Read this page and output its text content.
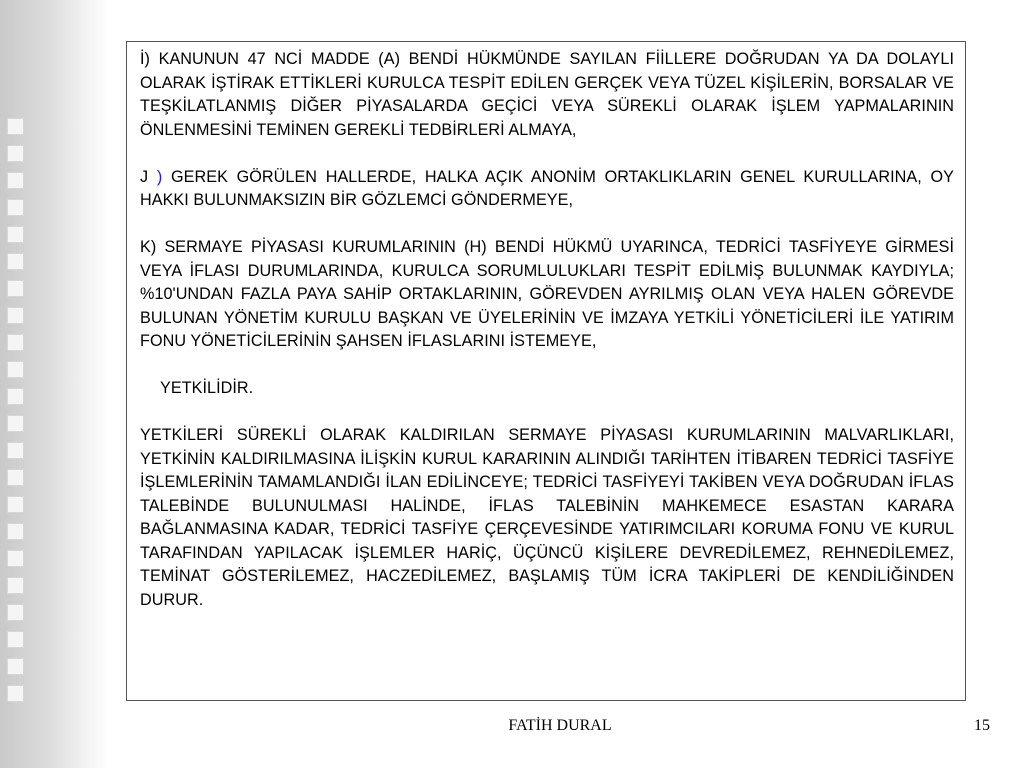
İ) KANUNUN 47 NCİ MADDE (A) BENDİ HÜKMÜNDE SAYILAN FİİLLERE DOĞRUDAN YA DA DOLAYLI OLARAK İŞTİRAK ETTİKLERİ KURULCA TESPİT EDİLEN GERÇEK VEYA TÜZEL KİŞİLERİN, BORSALAR VE TEŞKİLATLANMIŞ DİĞER PİYASALARDA GEÇİCİ VEYA SÜREKLİ OLARAK İŞLEM YAPMALARININ ÖNLENMESİNİ TEMİNEN GEREKLİ TEDBİRLERİ ALMAYA,

J ) GEREK GÖRÜLEN HALLERDE, HALKA AÇIK ANONİM ORTAKLIKLARIN GENEL KURULLARINA, OY HAKKI BULUNMAKSIZIN BİR GÖZLEMCİ GÖNDERMEYE,

K) SERMAYE PİYASASI KURUMLARININ (H) BENDİ HÜKMÜ UYARINCA, TEDRİCİ TASFİYEYE GİRMESİ VEYA İFLASI DURUMLARINDA, KURULCA SORUMLULUKLARI TESPİT EDİLMİŞ BULUNMAK KAYDIYLA; %10'UNDAN FAZLA PAYA SAHİP ORTAKLARININ, GÖREVDEN AYRILMIŞ OLAN VEYA HALEN GÖREVDE BULUNAN YÖNETİM KURULU BAŞKAN VE ÜYELERİNİN VE İMZAYA YETKİLİ YÖNETİCİLERİ İLE YATIRIM FONU YÖNETİCİLERİNİN ŞAHSEN İFLASLARINI İSTEMEYE,

YETKİLİDİR.

YETKİLERİ SÜREKLİ OLARAK KALDIRILAN SERMAYE PİYASASI KURUMLARININ MALVARLIKLARI, YETKİNİN KALDIRILMASINA İLİŞKİN KURUL KARARININ ALINDIĞI TARİHTEN İTİBAREN TEDRİCİ TASFİYE İŞLEMLERİNİN TAMAMLANDIĞI İLAN EDİLİNCEYE; TEDRİCİ TASFİYEYİ TAKİBEN VEYA DOĞRUDAN İFLAS TALEBİNDE BULUNULMASI HALİNDE, İFLAS TALEBİNİN MAHKEMECE ESASTAN KARARA BAĞLANMASINA KADAR, TEDRİCİ TASFİYE ÇERÇEVESİNDE YATIRIMCILARI KORUMA FONU VE KURUL TARAFINDAN YAPILACAK İŞLEMLER HARİÇ, ÜÇÜNCÜ KİŞİLERE DEVREDİLEMEZ, REHNEDİLEMEZ, TEMİNAT GÖSTERİLEMEZ, HACZEDİLEMEZ, BAŞLAMIŞ TÜM İCRA TAKİPLERİ DE KENDİLİĞİNDEN DURUR.

FATİH DURAL	15
